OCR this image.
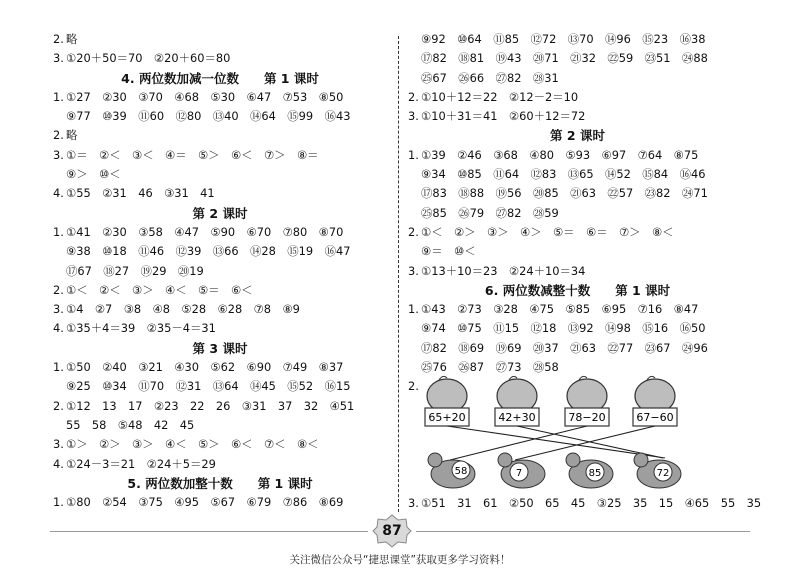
2. 略
3. ①20＋50＝70　②20＋60＝80
4. 两位数加减一位数　　第 1 课时
1. ①27　②30　③70　④68　⑤30　⑥47　⑦53　⑧50
⑨77　⑩39　⑪60　⑫80　⑬40　⑭64　⑮99　⑯43
2. 略
3. ①＝　②＜　③＜　④＝　⑤＞　⑥＜　⑦＞　⑧＝
⑨＞　⑩＜
4. ①55　②31　46　③31　41
第 2 课时
1. ①41　②30　③58　④47　⑤90　⑥70　⑦80　⑧70
⑨38　⑩18　⑪46　⑫39　⑬66　⑭28　⑮19　⑯47
⑰67　⑱27　⑲29　⑳19
2. ①＜　②＜　③＞　④＜　⑤＝　⑥＜
3. ①4　②7　③8　④8　⑤28　⑥28　⑦8　⑧9
4. ①35＋4＝39　②35－4＝31
第 3 课时
1. ①50　②40　③21　④30　⑤62　⑥90　⑦49　⑧37
⑨25　⑩34　⑪70　⑫31　⑬64　⑭45　⑮52　⑯15
2. ①12　13　17　②23　22　26　③31　37　32　④51
55　58　⑤48　42　45
3. ①＞　②＞　③＞　④＜　⑤＞　⑥＜　⑦＜　⑧＜
4. ①24－3＝21　②24＋5＝29
5. 两位数加整十数　　第 1 课时
1. ①80　②54　③75　④95　⑤67　⑥79　⑦86　⑧69
⑨92　⑩64　⑪85　⑫72　⑬70　⑭96　⑮23　⑯38
⑰82　⑱81　⑲43　⑳71　㉑32　㉒59　㉓51　㉔88
㉕67　㉖66　㉗82　㉘31
2. ①10＋12＝22　②12－2＝10
3. ①10＋31＝41　②60＋12＝72
第 2 课时
1. ①39　②46　③68　④80　⑤93　⑥97　⑦64　⑧75
⑨34　⑩85　⑪64　⑫83　⑬65　⑭52　⑮84　⑯46
⑰83　⑱88　⑲56　⑳85　㉑63　㉒57　㉓82　㉔71
㉕85　㉖79　㉗82　㉘59
2. ①＜　②＞　③＞　④＞　⑤＝　⑥＝　⑦＞　⑧＜
⑨＝　⑩＜
3. ①13＋10＝23　②24＋10＝34
6. 两位数减整十数　　第 1 课时
1. ①43　②73　③28　④75　⑤85　⑥95　⑦16　⑧47
⑨74　⑩75　⑪15　⑫18　⑬92　⑭98　⑮16　⑯50
⑰82　⑱69　⑲69　⑳37　㉑63　㉒77　㉓67　㉔96
㉕76　㉖87　㉗73　㉘58
2.
3. ①51　31　61　②50　65　45　③25　35　15　④65　55　35
65+20	42+30	78−20	67−60
58	7	85	72
87
关注微信公众号“捷思课堂”获取更多学习资料！
